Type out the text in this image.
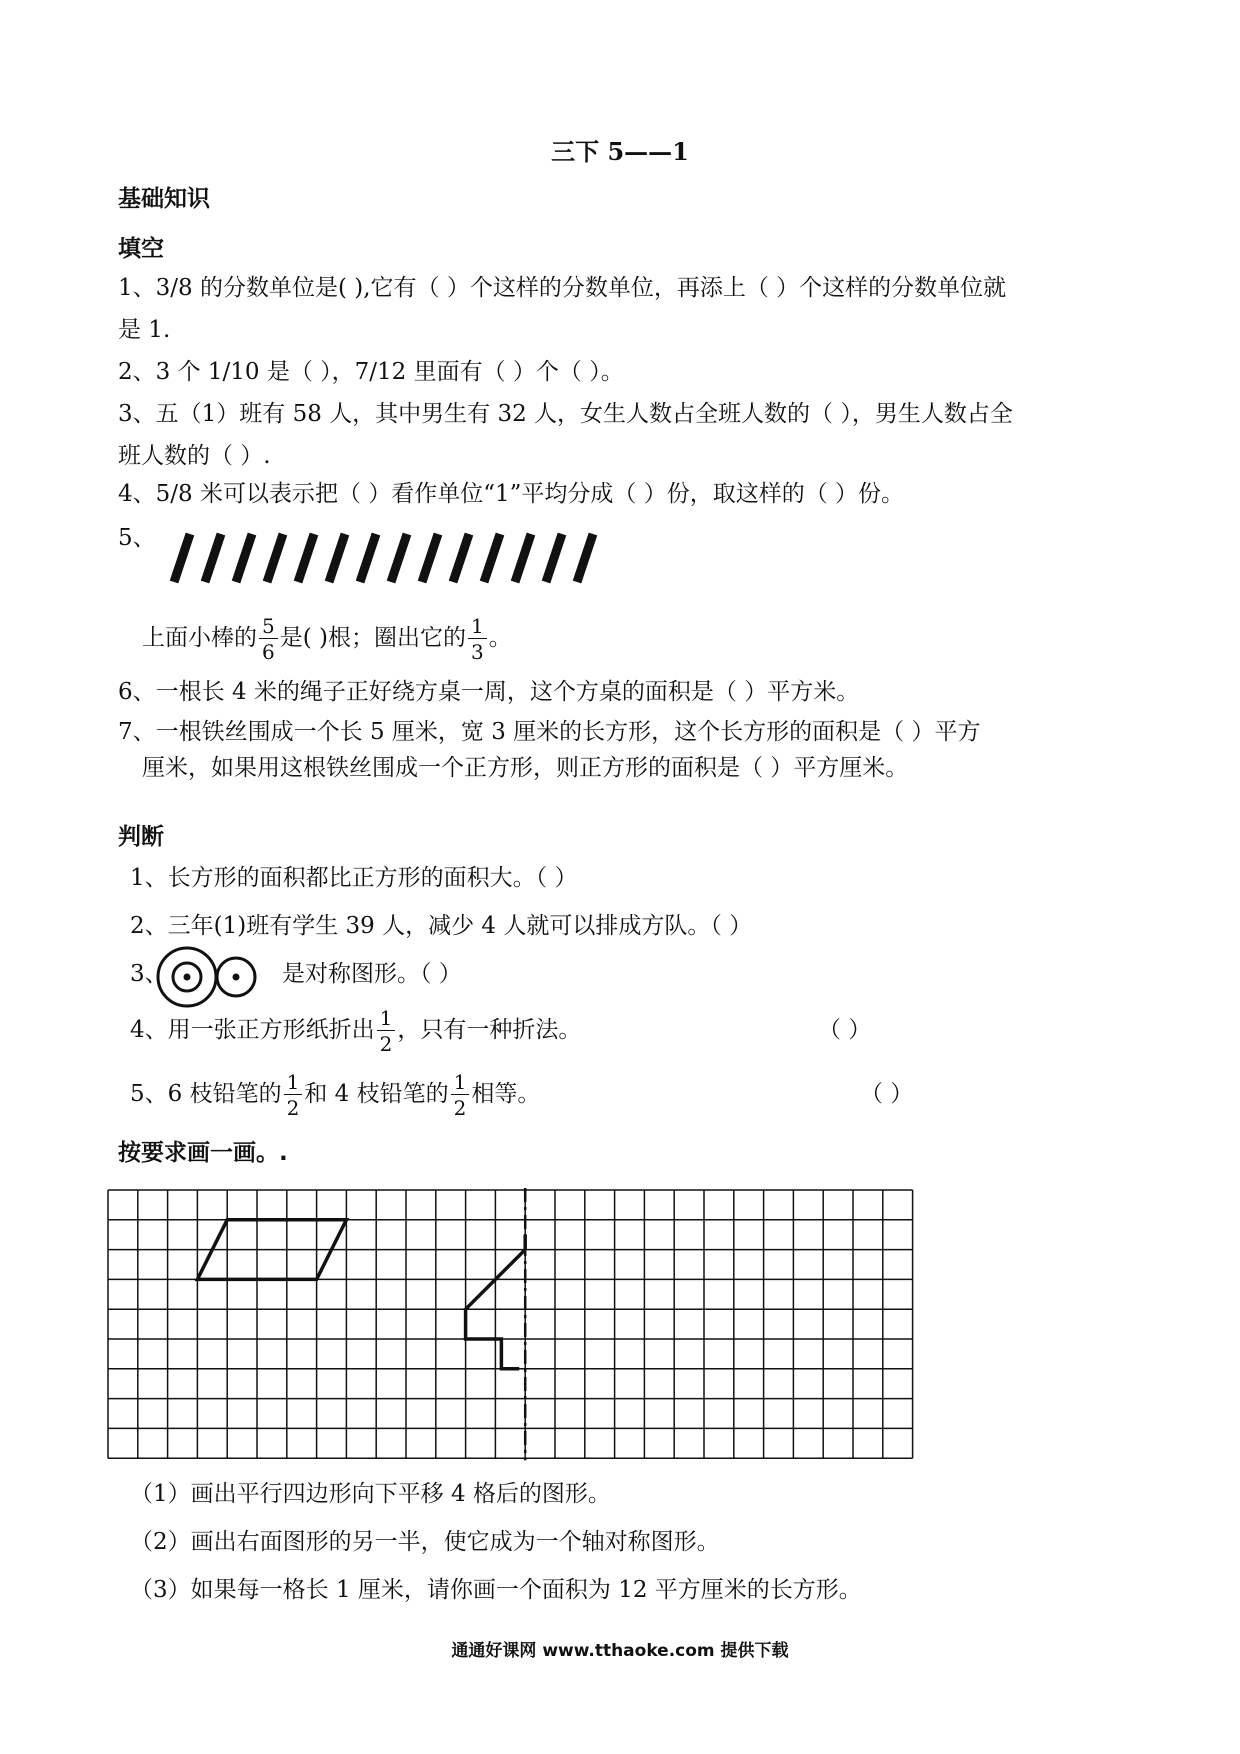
三下 5——1
基础知识
填空
1、3/8 的分数单位是( ),它有（ ）个这样的分数单位，再添上（ ）个这样的分数单位就
是 1.
2、3 个 1/10 是（ ），7/12 里面有（ ）个（ ）。
3、五（1）班有 58 人，其中男生有 32 人，女生人数占全班人数的（ ），男生人数占全
班人数的（ ）.
4、5/8 米可以表示把（ ）看作单位“1”平均分成（ ）份，取这样的（ ）份。
5、
上面小棒的 $\frac{5}{6}$ 是( )根；圈出它的 $\frac{1}{3}$ 。
6、一根长 4 米的绳子正好绕方桌一周，这个方桌的面积是（ ）平方米。
7、一根铁丝围成一个长 5 厘米，宽 3 厘米的长方形，这个长方形的面积是（ ）平方
厘米，如果用这根铁丝围成一个正方形，则正方形的面积是（ ）平方厘米。
判断
1、长方形的面积都比正方形的面积大。（ ）
2、三年(1)班有学生 39 人，减少 4 人就可以排成方队。（ ）
3、	是对称图形。（ ）
4、用一张正方形纸折出 $\frac{1}{2}$ ，只有一种折法。	（ ）
5、6 枝铅笔的 $\frac{1}{2}$ 和 4 枝铅笔的 $\frac{1}{2}$ 相等。	（ ）
按要求画一画。.
（1）画出平行四边形向下平移 4 格后的图形。
（2）画出右面图形的另一半，使它成为一个轴对称图形。
（3）如果每一格长 1 厘米，请你画一个面积为 12 平方厘米的长方形。
通通好课网 www.tthaoke.com 提供下载
